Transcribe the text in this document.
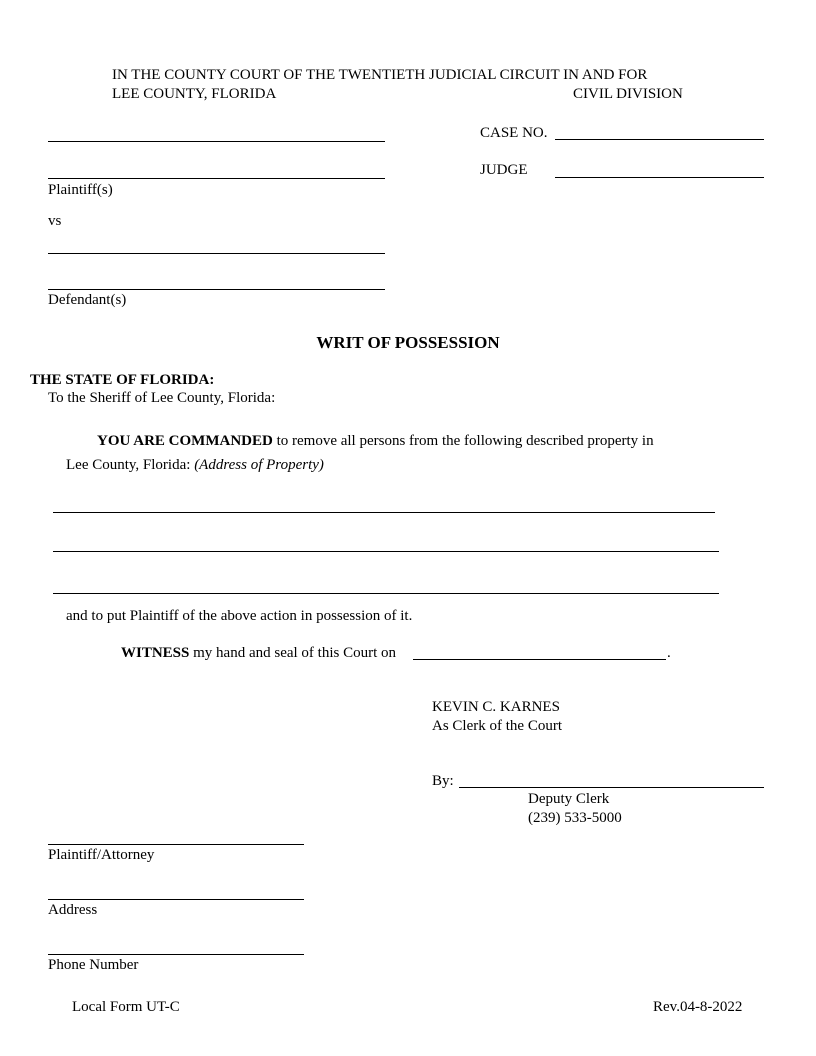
IN THE COUNTY COURT OF THE TWENTIETH JUDICIAL CIRCUIT IN AND FOR
LEE COUNTY, FLORIDA	CIVIL DIVISION
Plaintiff(s)
vs
Defendant(s)
CASE NO.
JUDGE
WRIT OF POSSESSION
THE STATE OF FLORIDA:
To the Sheriff of Lee County, Florida:
YOU ARE COMMANDED to remove all persons from the following described property in
Lee County, Florida: (Address of Property)
and to put Plaintiff of the above action in possession of it.
WITNESS my hand and seal of this Court on	.
KEVIN C. KARNES
As Clerk of the Court
By:
Deputy Clerk
(239) 533-5000
Plaintiff/Attorney
Address
Phone Number
Local Form UT-C	Rev.04-8-2022
